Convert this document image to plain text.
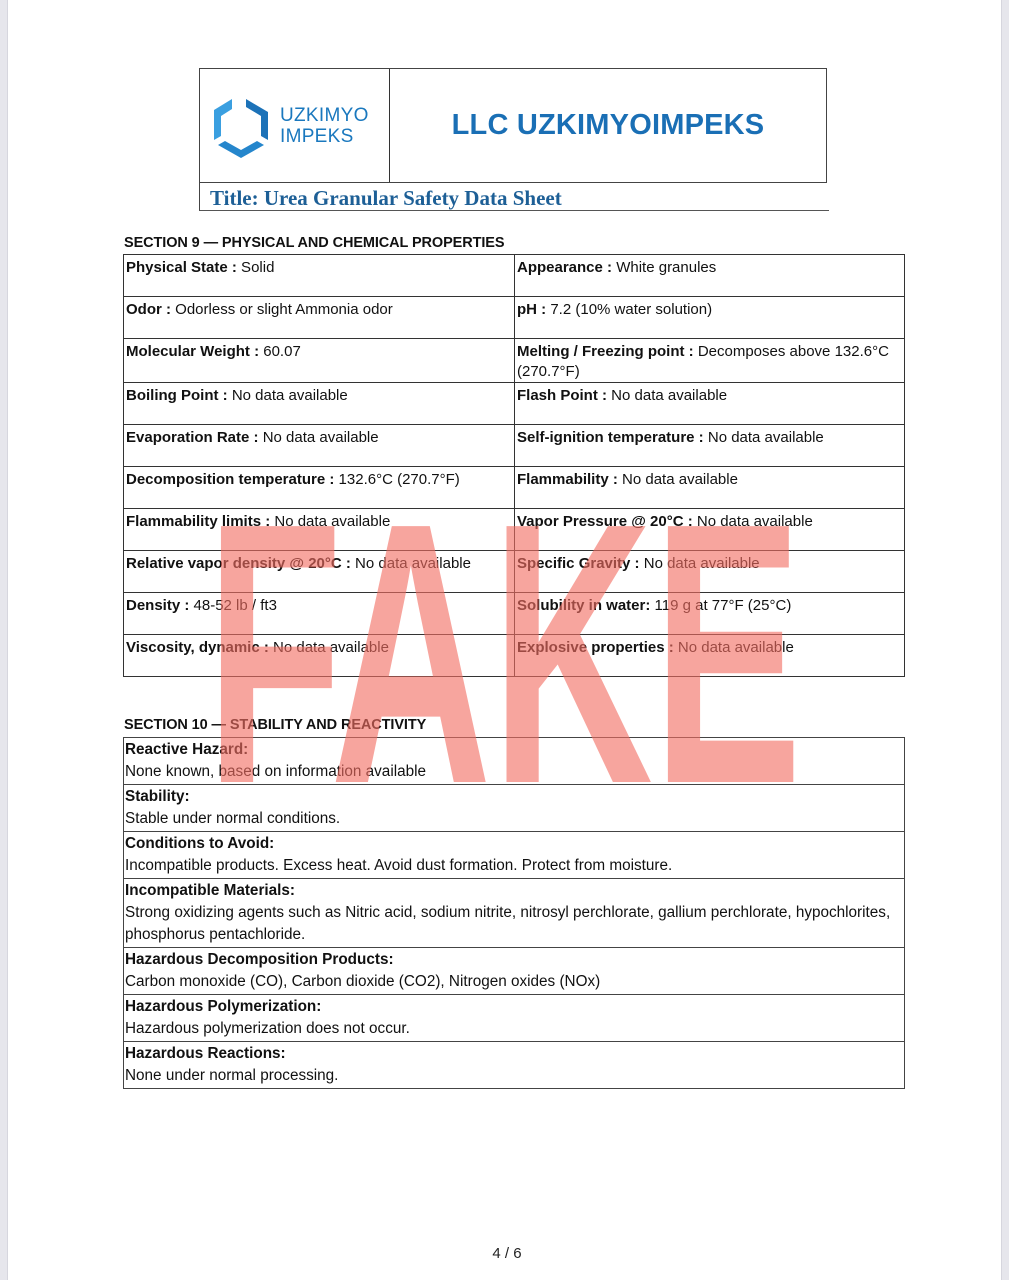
UZKIMYO
IMPEKS	LLC UZKIMYOIMPEKS
Title: Urea Granular Safety Data Sheet
SECTION 9 — PHYSICAL AND CHEMICAL PROPERTIES
Physical State : Solid	Appearance : White granules
Odor : Odorless or slight Ammonia odor	pH : 7.2 (10% water solution)
Molecular Weight : 60.07	Melting / Freezing point : Decomposes above 132.6°C (270.7°F)
Boiling Point : No data available	Flash Point : No data available
Evaporation Rate : No data available	Self-ignition temperature : No data available
Decomposition temperature : 132.6°C (270.7°F)	Flammability : No data available
Flammability limits : No data available	Vapor Pressure @ 20°C : No data available
Relative vapor density @ 20°C : No data available	Specific Gravity : No data available
Density : 48-52 lb / ft3	Solubility in water: 119 g at 77°F (25°C)
Viscosity, dynamic : No data available	Explosive properties : No data available
SECTION 10 — STABILITY AND REACTIVITY
Reactive Hazard:
None known, based on information available

Stability:
Stable under normal conditions.

Conditions to Avoid:
Incompatible products. Excess heat. Avoid dust formation. Protect from moisture.

Incompatible Materials:
Strong oxidizing agents such as Nitric acid, sodium nitrite, nitrosyl perchlorate, gallium perchlorate, hypochlorites, phosphorus pentachloride.

Hazardous Decomposition Products:
Carbon monoxide (CO), Carbon dioxide (CO2), Nitrogen oxides (NOx)

Hazardous Polymerization:
Hazardous polymerization does not occur.

Hazardous Reactions:
None under normal processing.
FAKE
4 / 6
